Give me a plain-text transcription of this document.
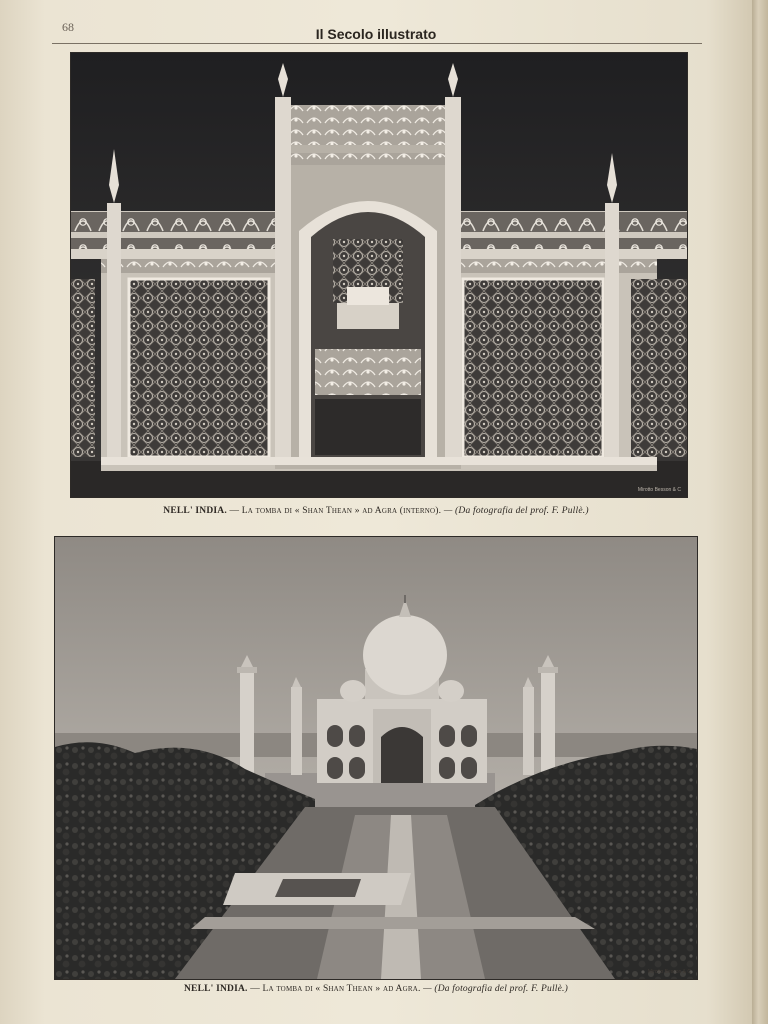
68	Il Secolo illustrato
Mirotto Besson & C
NELL' INDIA. — La tomba di « Shan Thean » ad Agra (interno). — (Da fotografia del prof. F. Pullè.)
Mirotto Besson & C
NELL' INDIA. — La tomba di « Shan Thean » ad Agra. — (Da fotografia del prof. F. Pullè.)
